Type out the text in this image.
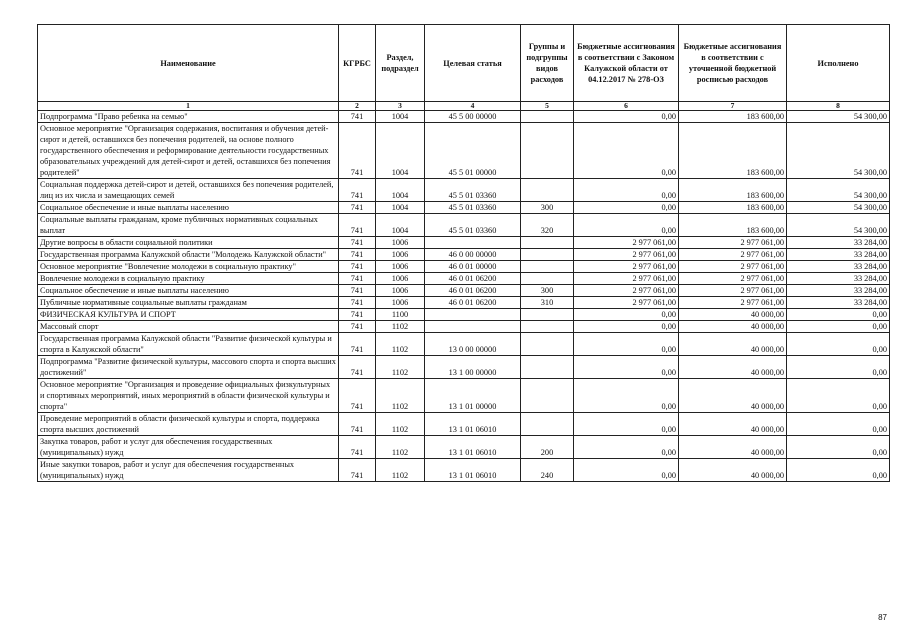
Наименование	КГРБС	Раздел, подраздел	Целевая статья	Группы и подгруппы видов расходов	Бюджетные ассигнования в соответствии с Законом Калужской области от 04.12.2017 № 278-ОЗ	Бюджетные ассигнования в соответствии с уточненной бюджетной росписью расходов	Исполнено
1	2	3	4	5	6	7	8
Подпрограмма "Право ребенка на семью"	741	1004	45 5 00 00000		0,00	183 600,00	54 300,00
Основное мероприятие "Организация содержания, воспитания и обучения детей-сирот и детей, оставшихся без попечения родителей, на основе полного государственного обеспечения и реформирование деятельности государственных образовательных учреждений для детей-сирот и детей, оставшихся без попечения родителей"	741	1004	45 5 01 00000		0,00	183 600,00	54 300,00
Социальная поддержка детей-сирот и детей, оставшихся без попечения родителей, лиц из их числа и замещающих семей	741	1004	45 5 01 03360		0,00	183 600,00	54 300,00
Социальное обеспечение и иные выплаты населению	741	1004	45 5 01 03360	300	0,00	183 600,00	54 300,00
Социальные выплаты гражданам, кроме публичных нормативных социальных выплат	741	1004	45 5 01 03360	320	0,00	183 600,00	54 300,00
Другие вопросы в области социальной политики	741	1006			2 977 061,00	2 977 061,00	33 284,00
Государственная программа Калужской области "Молодежь Калужской области"	741	1006	46 0 00 00000		2 977 061,00	2 977 061,00	33 284,00
Основное мероприятие "Вовлечение молодежи в социальную практику"	741	1006	46 0 01 00000		2 977 061,00	2 977 061,00	33 284,00
Вовлечение молодежи в социальную практику	741	1006	46 0 01 06200		2 977 061,00	2 977 061,00	33 284,00
Социальное обеспечение и иные выплаты населению	741	1006	46 0 01 06200	300	2 977 061,00	2 977 061,00	33 284,00
Публичные нормативные социальные выплаты гражданам	741	1006	46 0 01 06200	310	2 977 061,00	2 977 061,00	33 284,00
ФИЗИЧЕСКАЯ КУЛЬТУРА И СПОРТ	741	1100			0,00	40 000,00	0,00
Массовый спорт	741	1102			0,00	40 000,00	0,00
Государственная программа Калужской области "Развитие физической культуры и спорта в Калужской области"	741	1102	13 0 00 00000		0,00	40 000,00	0,00
Подпрограмма "Развитие физической культуры, массового спорта и спорта высших достижений"	741	1102	13 1 00 00000		0,00	40 000,00	0,00
Основное мероприятие "Организация и проведение официальных физкультурных и спортивных мероприятий, иных мероприятий в области физической культуры и спорта"	741	1102	13 1 01 00000		0,00	40 000,00	0,00
Проведение мероприятий в области физической культуры и спорта, поддержка спорта высших достижений	741	1102	13 1 01 06010		0,00	40 000,00	0,00
Закупка товаров, работ и услуг для обеспечения государственных (муниципальных) нужд	741	1102	13 1 01 06010	200	0,00	40 000,00	0,00
Иные закупки товаров, работ и услуг для обеспечения государственных (муниципальных) нужд	741	1102	13 1 01 06010	240	0,00	40 000,00	0,00
87
